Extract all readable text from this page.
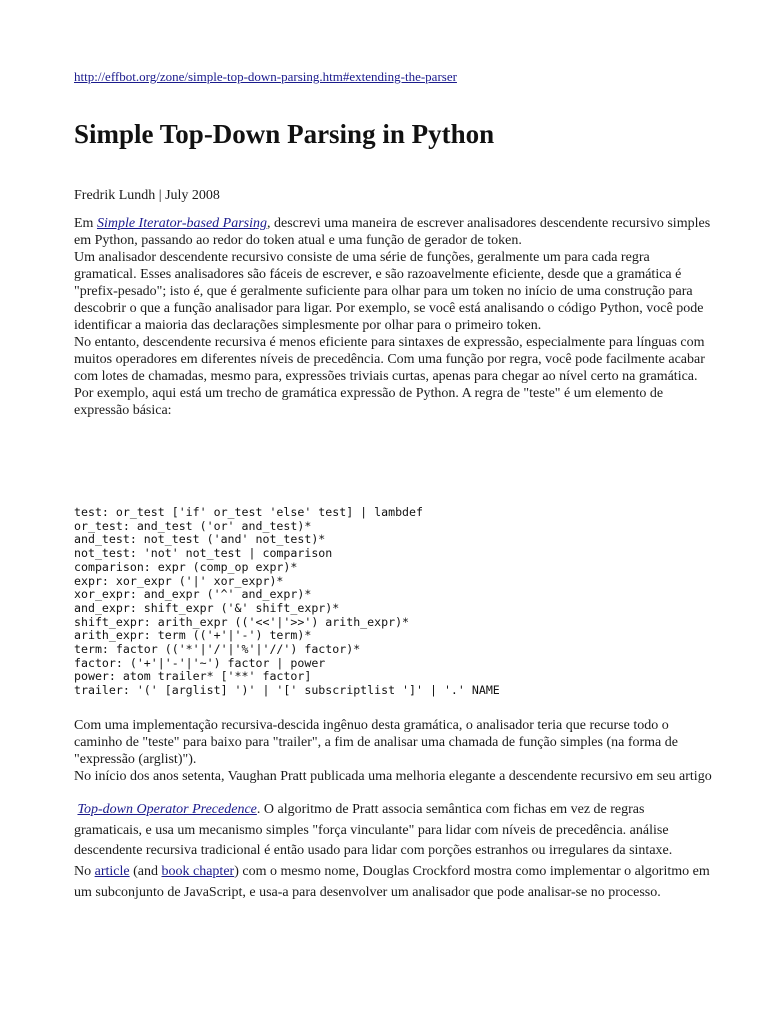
http://effbot.org/zone/simple-top-down-parsing.htm#extending-the-parser
Simple Top-Down Parsing in Python

Fredrik Lundh | July 2008

Em Simple Iterator-based Parsing, descrevi uma maneira de escrever analisadores descendente recursivo simples em Python, passando ao redor do token atual e uma função de gerador de token.
Um analisador descendente recursivo consiste de uma série de funções, geralmente um para cada regra gramatical. Esses analisadores são fáceis de escrever, e são razoavelmente eficiente, desde que a gramática é "prefix-pesado"; isto é, que é geralmente suficiente para olhar para um token no início de uma construção para descobrir o que a função analisador para ligar. Por exemplo, se você está analisando o código Python, você pode identificar a maioria das declarações simplesmente por olhar para o primeiro token.
No entanto, descendente recursiva é menos eficiente para sintaxes de expressão, especialmente para línguas com muitos operadores em diferentes níveis de precedência. Com uma função por regra, você pode facilmente acabar com lotes de chamadas, mesmo para, expressões triviais curtas, apenas para chegar ao nível certo na gramática.
Por exemplo, aqui está um trecho de gramática expressão de Python. A regra de "teste" é um elemento de expressão básica:
test: or_test ['if' or_test 'else' test] | lambdef
or_test: and_test ('or' and_test)*
and_test: not_test ('and' not_test)*
not_test: 'not' not_test | comparison
comparison: expr (comp_op expr)*
expr: xor_expr ('|' xor_expr)*
xor_expr: and_expr ('^' and_expr)*
and_expr: shift_expr ('&' shift_expr)*
shift_expr: arith_expr (('<<'|'>>') arith_expr)*
arith_expr: term (('+'|'-') term)*
term: factor (('*'|'/'|'%'|'//') factor)*
factor: ('+'|'-'|'~') factor | power
power: atom trailer* ['**' factor]
trailer: '(' [arglist] ')' | '[' subscriptlist ']' | '.' NAME
Com uma implementação recursiva-descida ingênuo desta gramática, o analisador teria que recurse todo o caminho de "teste" para baixo para "trailer", a fim de analisar uma chamada de função simples (na forma de "expressão (arglist)").
No início dos anos setenta, Vaughan Pratt publicada uma melhoria elegante a descendente recursivo em seu artigo

Top-down Operator Precedence. O algoritmo de Pratt associa semântica com fichas em vez de regras gramaticais, e usa um mecanismo simples "força vinculante" para lidar com níveis de precedência. análise descendente recursiva tradicional é então usado para lidar com porções estranhos ou irregulares da sintaxe.

No article (and book chapter) com o mesmo nome, Douglas Crockford mostra como implementar o algoritmo em um subconjunto de JavaScript, e usa-a para desenvolver um analisador que pode analisar-se no processo.
